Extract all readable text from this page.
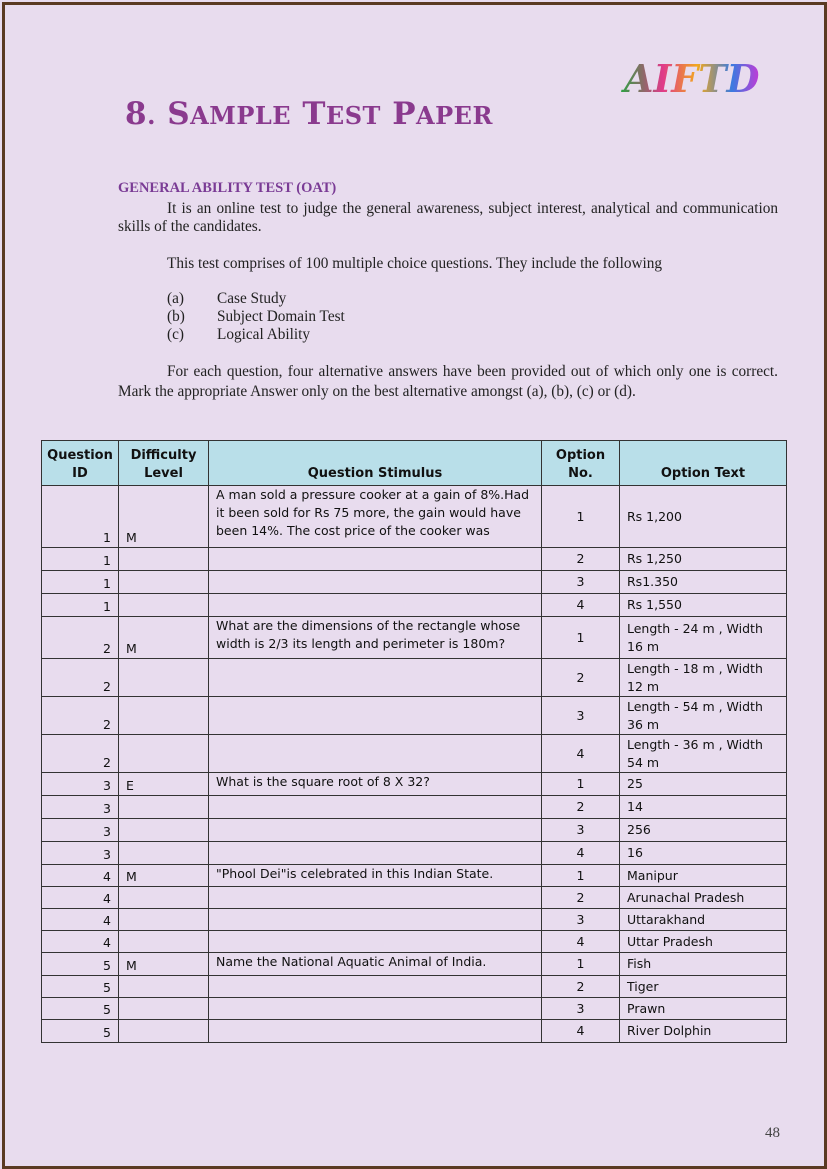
AIFTD
8. SAMPLE TEST PAPER
GENERAL ABILITY TEST (OAT)
It is an online test to judge the general awareness, subject interest, analytical and communication skills of the candidates.
This test comprises of 100 multiple choice questions. They include the following
(a)	Case Study
(b)	Subject Domain Test
(c)	Logical Ability
For each question, four alternative answers have been provided out of which only one is correct. Mark the appropriate Answer only on the best alternative amongst (a), (b), (c) or (d).
Question ID	Difficulty Level	Question Stimulus	Option No.	Option Text
1	M	A man sold a pressure cooker at a gain of 8%.Had it been sold for Rs 75 more, the gain would have been 14%. The cost price of the cooker was	1	Rs 1,200
1			2	Rs 1,250
1			3	Rs1.350
1			4	Rs 1,550
2	M	What are the dimensions of the rectangle whose width is 2/3 its length and perimeter is 180m?	1	Length - 24 m , Width 16 m
2			2	Length - 18 m , Width 12 m
2			3	Length - 54 m , Width 36 m
2			4	Length - 36 m , Width 54 m
3	E	What is the square root of 8 X 32?	1	25
3			2	14
3			3	256
3			4	16
4	M	"Phool Dei"is celebrated in this Indian State.	1	Manipur
4			2	Arunachal Pradesh
4			3	Uttarakhand
4			4	Uttar Pradesh
5	M	Name the National Aquatic Animal of India.	1	Fish
5			2	Tiger
5			3	Prawn
5			4	River Dolphin
48
